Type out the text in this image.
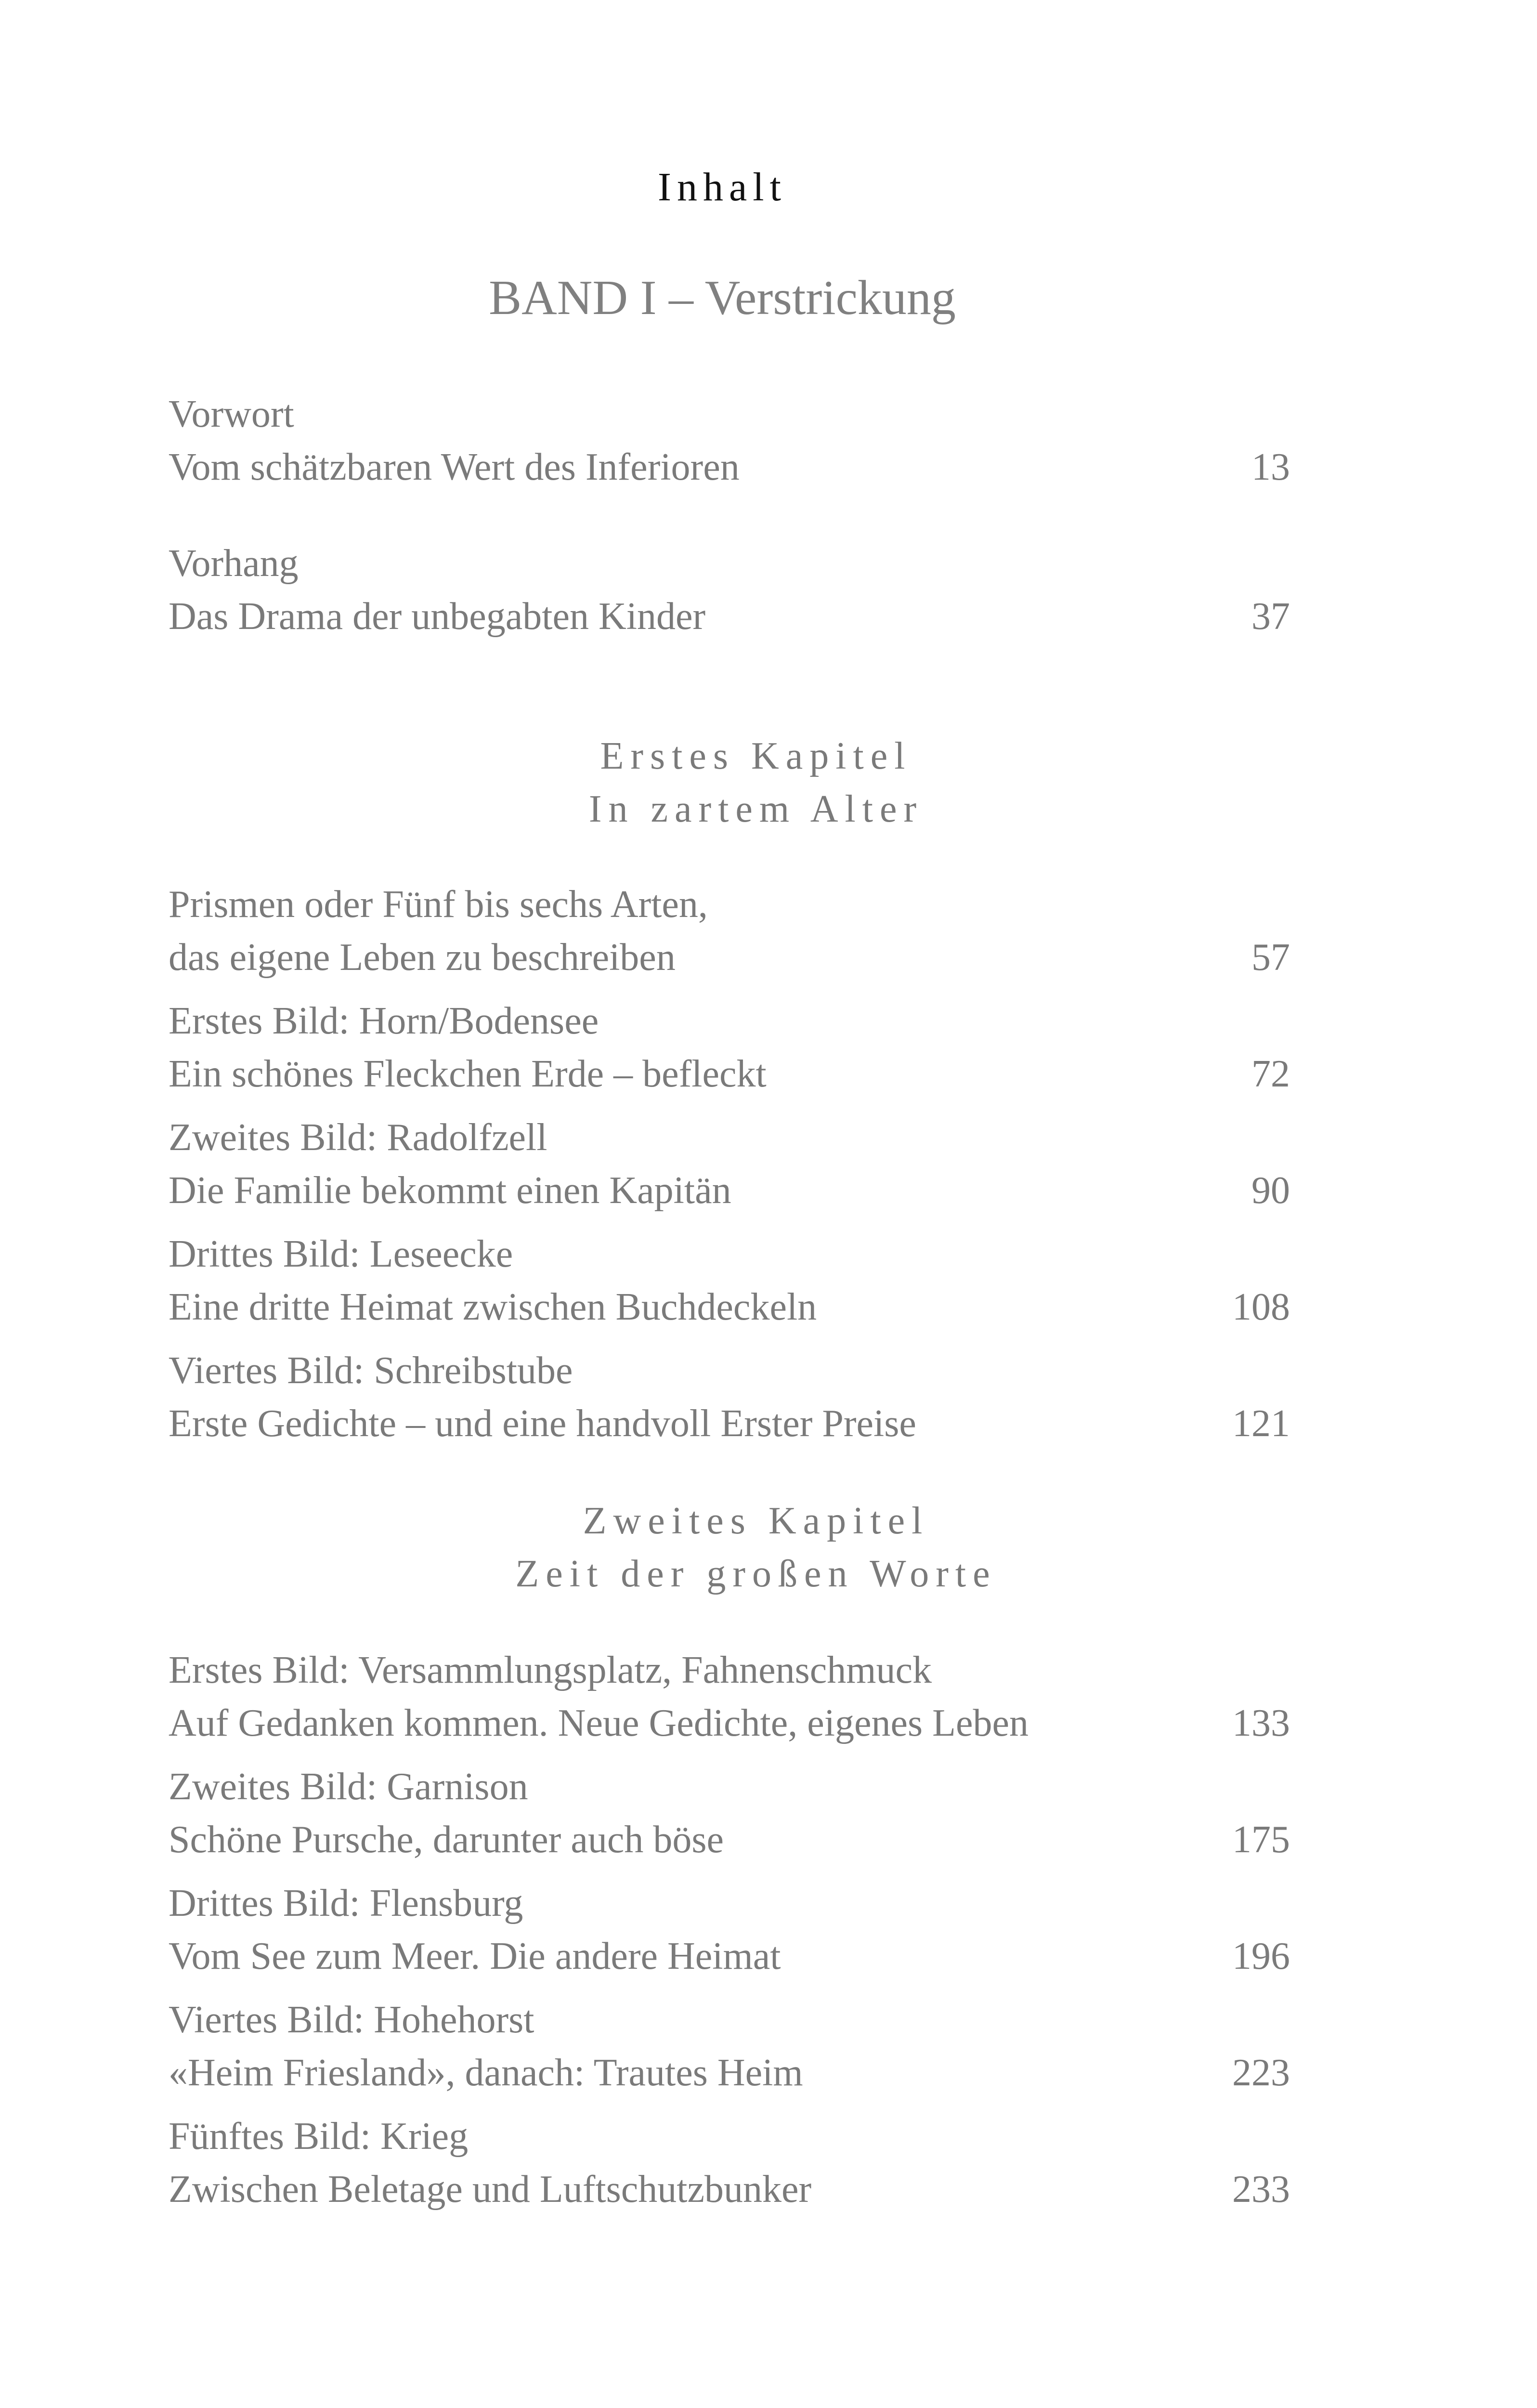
Inhalt
BAND I – Verstrickung
Vorwort
Vom schätzbaren Wert des Inferioren	13
Vorhang
Das Drama der unbegabten Kinder	37
Erstes Kapitel
In zartem Alter
Prismen oder Fünf bis sechs Arten,
das eigene Leben zu beschreiben	57
Erstes Bild: Horn/Bodensee
Ein schönes Fleckchen Erde – befleckt	72
Zweites Bild: Radolfzell
Die Familie bekommt einen Kapitän	90
Drittes Bild: Leseecke
Eine dritte Heimat zwischen Buchdeckeln	108
Viertes Bild: Schreibstube
Erste Gedichte – und eine handvoll Erster Preise	121
Zweites Kapitel
Zeit der großen Worte
Erstes Bild: Versammlungsplatz, Fahnenschmuck
Auf Gedanken kommen. Neue Gedichte, eigenes Leben	133
Zweites Bild: Garnison
Schöne Pursche, darunter auch böse	175
Drittes Bild: Flensburg
Vom See zum Meer. Die andere Heimat	196
Viertes Bild: Hohehorst
«Heim Friesland», danach: Trautes Heim	223
Fünftes Bild: Krieg
Zwischen Beletage und Luftschutzbunker	233
